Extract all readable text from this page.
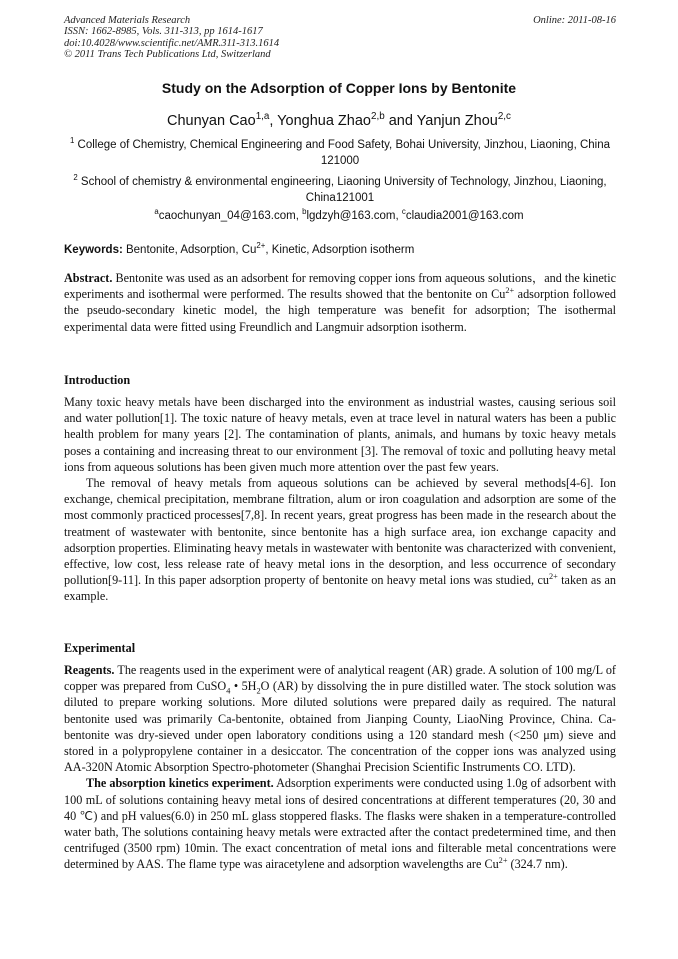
Advanced Materials Research
ISSN: 1662-8985, Vols. 311-313, pp 1614-1617
doi:10.4028/www.scientific.net/AMR.311-313.1614
© 2011 Trans Tech Publications Ltd, Switzerland
Online: 2011-08-16
Study on the Adsorption of Copper Ions by Bentonite
Chunyan Cao$^{1,a}$, Yonghua Zhao$^{2,b}$ and Yanjun Zhou$^{2,c}$
$^1$ College of Chemistry, Chemical Engineering and Food Safety, Bohai University, Jinzhou, Liaoning, China 121000
$^2$ School of chemistry & environmental engineering, Liaoning University of Technology, Jinzhou, Liaoning, China121001
$^a$caochunyan_04@163.com, $^b$lgdzyh@163.com, $^c$claudia2001@163.com
Keywords: Bentonite, Adsorption, $Cu^{2+}$, Kinetic, Adsorption isotherm

Abstract. Bentonite was used as an adsorbent for removing copper ions from aqueous solutions，and the kinetic experiments and isothermal were performed. The results showed that the bentonite on $Cu^{2+}$ adsorption followed the pseudo-secondary kinetic model, the high temperature was benefit for adsorption; The isothermal experimental data were fitted using Freundlich and Langmuir adsorption isotherm.

Introduction

Many toxic heavy metals have been discharged into the environment as industrial wastes, causing serious soil and water pollution[1]. The toxic nature of heavy metals, even at trace level in natural waters has been a public health problem for many years [2]. The contamination of plants, animals, and humans by toxic heavy metals poses a containing and increasing threat to our environment [3]. The removal of toxic and polluting heavy metal ions from aqueous solutions has been given much more attention over the past few years.

The removal of heavy metals from aqueous solutions can be achieved by several methods[4-6]. Ion exchange, chemical precipitation, membrane filtration, alum or iron coagulation and adsorption are some of the most commonly practiced processes[7,8]. In recent years, great progress has been made in the research about the treatment of wastewater with bentonite, since bentonite has a high surface area, ion exchange capacity and adsorption properties. Eliminating heavy metals in wastewater with bentonite was characterized with convenient, effective, low cost, less release rate of heavy metal ions in the desorption, and less occurrence of secondary pollution[9-11]. In this paper adsorption property of bentonite on heavy metal ions was studied, $cu^{2+}$ taken as an example.

Experimental

Reagents. The reagents used in the experiment were of analytical reagent (AR) grade. A solution of 100 mg/L of copper was prepared from CuSO$_4$ • $5H_2O$ (AR) by dissolving the in pure distilled water. The stock solution was diluted to prepare working solutions. More diluted solutions were prepared daily as required. The natural bentonite used was primarily Ca-bentonite, obtained from Jianping County, LiaoNing Province, China. Ca-bentonite was dry-sieved under open laboratory conditions using a 120 standard mesh (<250 μm) sieve and stored in a polypropylene container in a desiccator. The concentration of the copper ions was analyzed using AA-320N Atomic Absorption Spectro-photometer (Shanghai Precision Scientific Instruments CO. LTD).

The absorption kinetics experiment. Adsorption experiments were conducted using 1.0g of adsorbent with 100 mL of solutions containing heavy metal ions of desired concentrations at different temperatures (20, 30 and 40 ℃) and pH values(6.0) in 250 mL glass stoppered flasks. The flasks were shaken in a temperature-controlled water bath, The solutions containing heavy metals were extracted after the contact predetermined time, and then centrifuged (3500 rpm) 10min. The exact concentration of metal ions and filterable metal concentrations were determined by AAS. The flame type was airacetylene and adsorption wavelengths are $Cu^{2+}$ (324.7 nm).
